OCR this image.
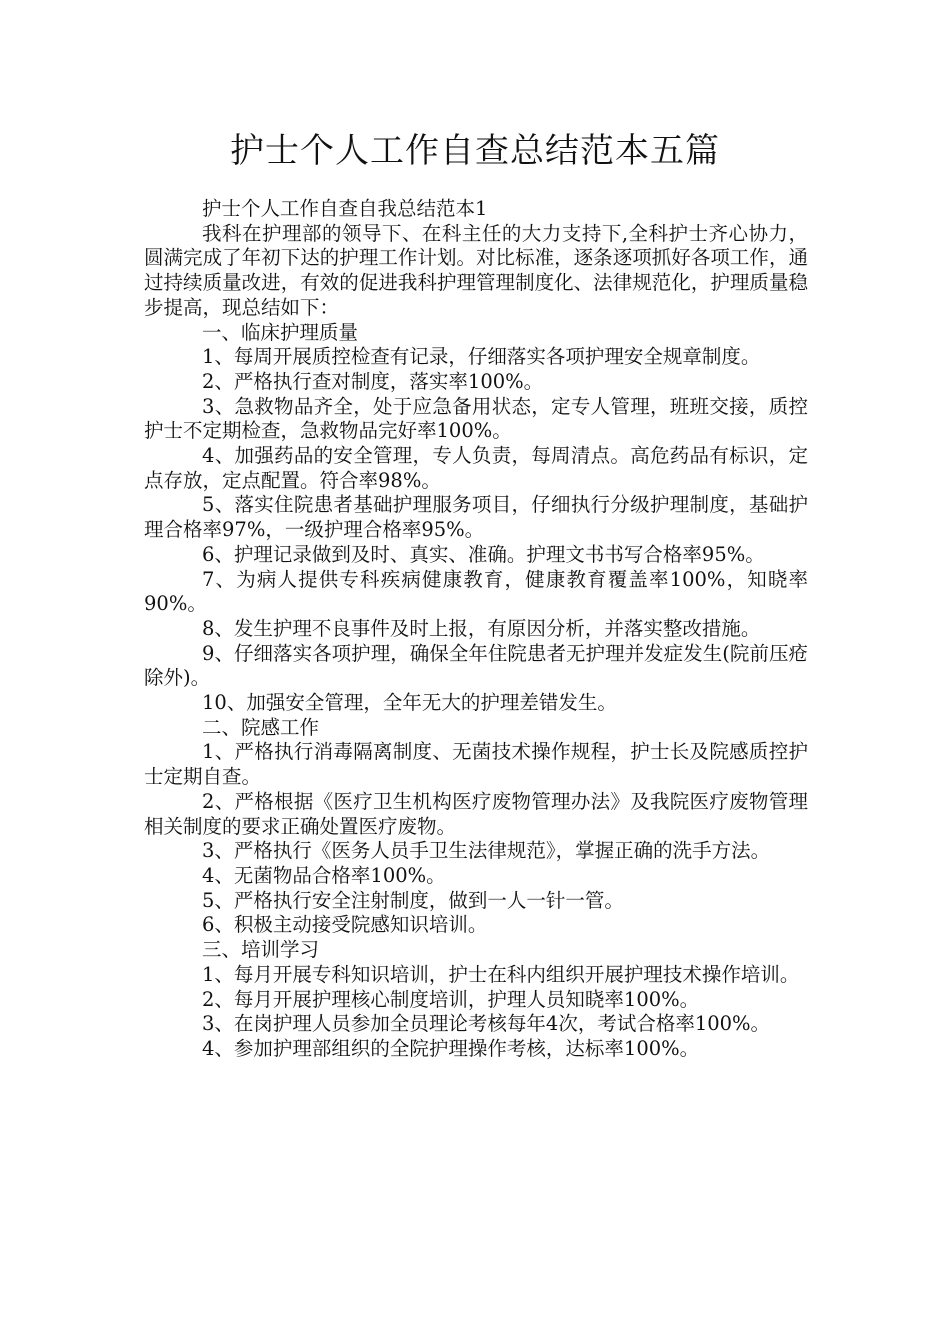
护士个人工作自查总结范本五篇

护士个人工作自查自我总结范本1

我科在护理部的领导下、在科主任的大力支持下,全科护士齐心协力，圆满完成了年初下达的护理工作计划。对比标准，逐条逐项抓好各项工作，通过持续质量改进，有效的促进我科护理管理制度化、法律规范化，护理质量稳步提高，现总结如下：

一、临床护理质量

1、每周开展质控检查有记录，仔细落实各项护理安全规章制度。

2、严格执行查对制度，落实率100%。

3、急救物品齐全，处于应急备用状态，定专人管理，班班交接，质控护士不定期检查，急救物品完好率100%。

4、加强药品的安全管理，专人负责，每周清点。高危药品有标识，定点存放，定点配置。符合率98%。

5、落实住院患者基础护理服务项目，仔细执行分级护理制度，基础护理合格率97%，一级护理合格率95%。

6、护理记录做到及时、真实、准确。护理文书书写合格率95%。

7、为病人提供专科疾病健康教育，健康教育覆盖率100%，知晓率90%。

8、发生护理不良事件及时上报，有原因分析，并落实整改措施。

9、仔细落实各项护理，确保全年住院患者无护理并发症发生(院前压疮除外)。

10、加强安全管理，全年无大的护理差错发生。

二、院感工作

1、严格执行消毒隔离制度、无菌技术操作规程，护士长及院感质控护士定期自查。

2、严格根据《医疗卫生机构医疗废物管理办法》及我院医疗废物管理相关制度的要求正确处置医疗废物。

3、严格执行《医务人员手卫生法律规范》，掌握正确的洗手方法。

4、无菌物品合格率100%。

5、严格执行安全注射制度，做到一人一针一管。

6、积极主动接受院感知识培训。

三、培训学习

1、每月开展专科知识培训，护士在科内组织开展护理技术操作培训。

2、每月开展护理核心制度培训，护理人员知晓率100%。

3、在岗护理人员参加全员理论考核每年4次，考试合格率100%。

4、参加护理部组织的全院护理操作考核，达标率100%。
